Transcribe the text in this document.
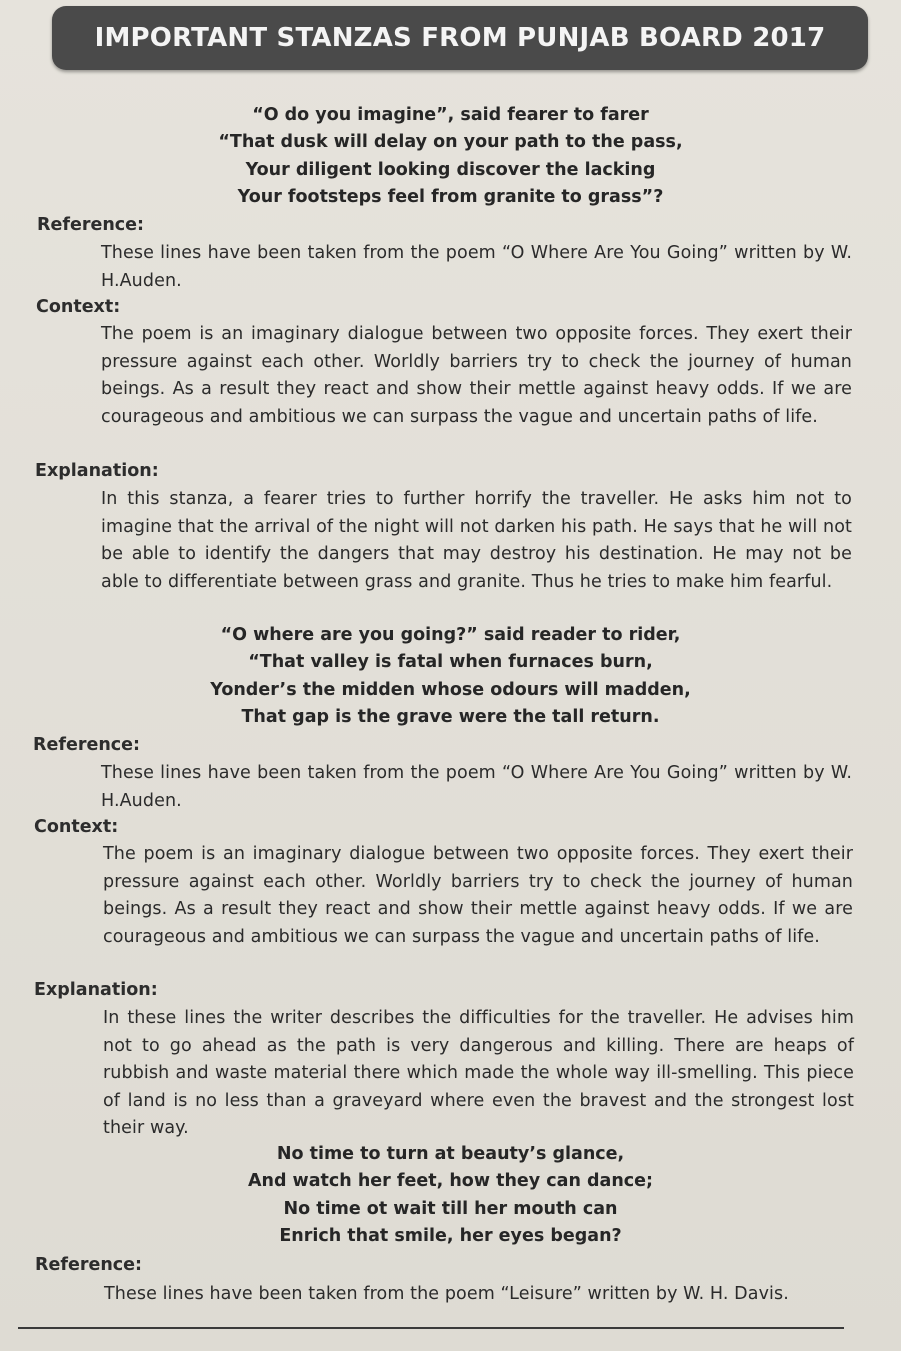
IMPORTANT STANZAS FROM PUNJAB BOARD 2017
“O do you imagine”, said fearer to farer
“That dusk will delay on your path to the pass,
Your diligent looking discover the lacking
Your footsteps feel from granite to grass”?
Reference:
These lines have been taken from the poem “O Where Are You Going” written by W. H.Auden.
Context:
The poem is an imaginary dialogue between two opposite forces. They exert their pressure against each other. Worldly barriers try to check the journey of human beings. As a result they react and show their mettle against heavy odds. If we are courageous and ambitious we can surpass the vague and uncertain paths of life.
Explanation:
In this stanza, a fearer tries to further horrify the traveller. He asks him not to imagine that the arrival of the night will not darken his path. He says that he will not be able to identify the dangers that may destroy his destination. He may not be able to differentiate between grass and granite. Thus he tries to make him fearful.
“O where are you going?” said reader to rider,
“That valley is fatal when furnaces burn,
Yonder’s the midden whose odours will madden,
That gap is the grave were the tall return.
Reference:
These lines have been taken from the poem “O Where Are You Going” written by W. H.Auden.
Context:
The poem is an imaginary dialogue between two opposite forces. They exert their pressure against each other. Worldly barriers try to check the journey of human beings. As a result they react and show their mettle against heavy odds. If we are courageous and ambitious we can surpass the vague and uncertain paths of life.
Explanation:
In these lines the writer describes the difficulties for the traveller. He advises him not to go ahead as the path is very dangerous and killing. There are heaps of rubbish and waste material there which made the whole way ill-smelling. This piece of land is no less than a graveyard where even the bravest and the strongest lost their way.
No time to turn at beauty’s glance,
And watch her feet, how they can dance;
No time ot wait till her mouth can
Enrich that smile, her eyes began?
Reference:
These lines have been taken from the poem “Leisure” written by W. H. Davis.
